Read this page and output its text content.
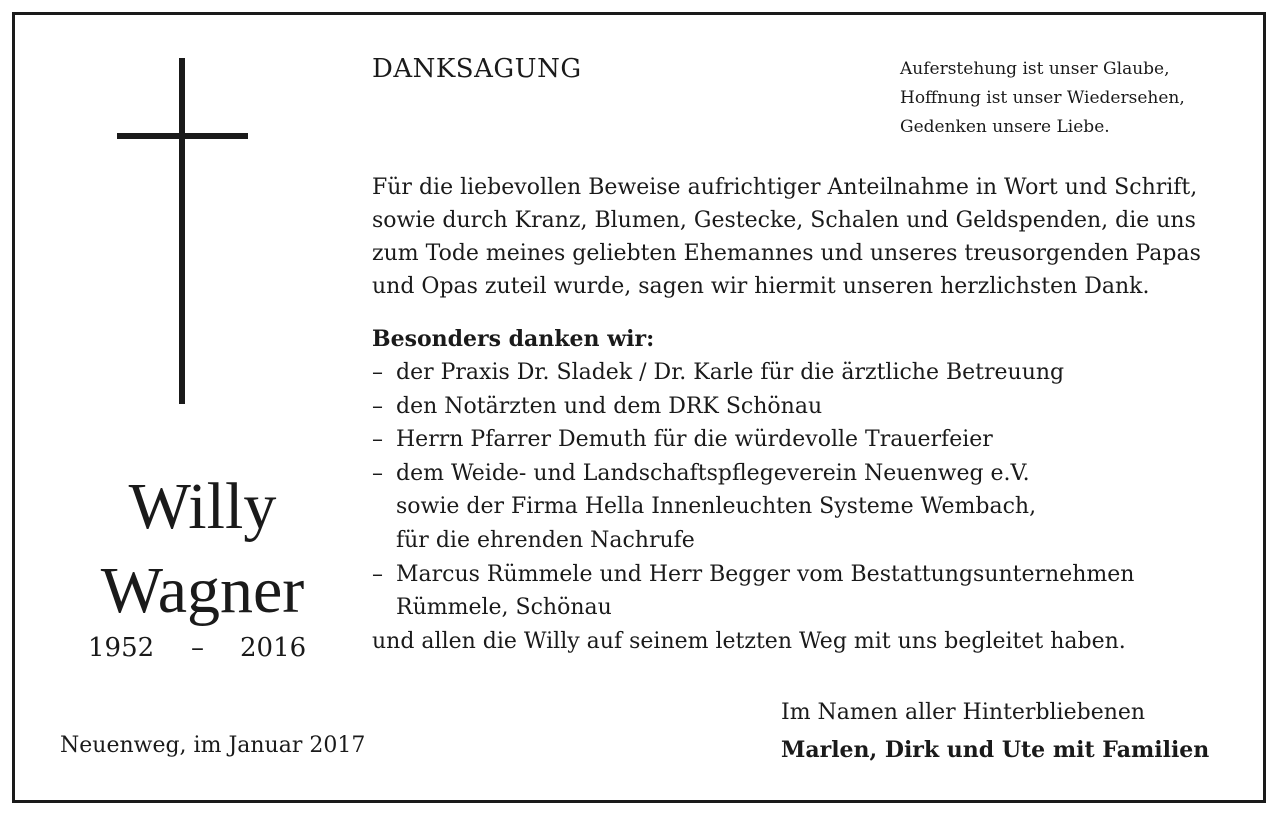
Willy
Wagner
1952 – 2016
Neuenweg, im Januar 2017
DANKSAGUNG	Auferstehung ist unser Glaube,
Hoffnung ist unser Wiedersehen,
Gedenken unsere Liebe.
Für die liebevollen Beweise aufrichtiger Anteilnahme in Wort und Schrift,
sowie durch Kranz, Blumen, Gestecke, Schalen und Geldspenden, die uns
zum Tode meines geliebten Ehemannes und unseres treusorgenden Papas
und Opas zuteil wurde, sagen wir hiermit unseren herzlichsten Dank.
Besonders danken wir:
– der Praxis Dr. Sladek / Dr. Karle für die ärztliche Betreuung
– den Notärzten und dem DRK Schönau
– Herrn Pfarrer Demuth für die würdevolle Trauerfeier
– dem Weide- und Landschaftspflegeverein Neuenweg e.V.
sowie der Firma Hella Innenleuchten Systeme Wembach,
für die ehrenden Nachrufe
– Marcus Rümmele und Herr Begger vom Bestattungsunternehmen
Rümmele, Schönau
und allen die Willy auf seinem letzten Weg mit uns begleitet haben.
Im Namen aller Hinterbliebenen
Marlen, Dirk und Ute mit Familien
